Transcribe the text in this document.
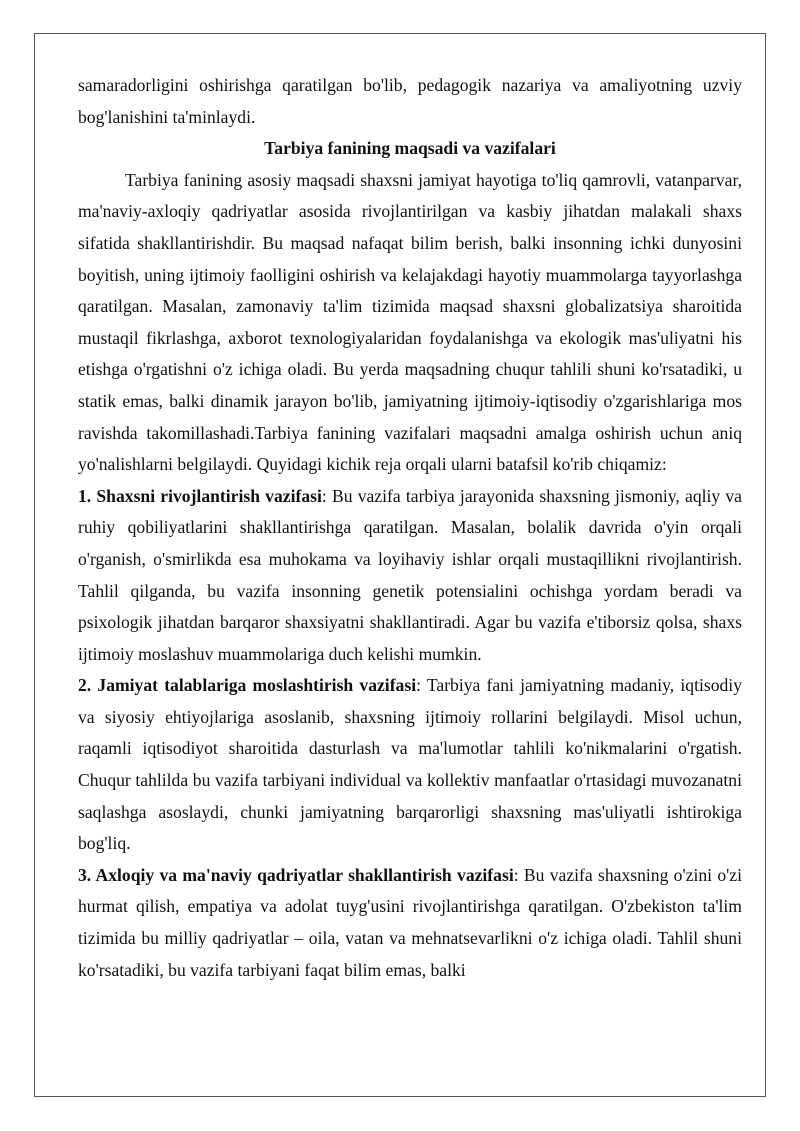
samaradorligini oshirishga qaratilgan bo'lib, pedagogik nazariya va amaliyotning uzviy bog'lanishini ta'minlaydi.

Tarbiya fanining maqsadi va vazifalari

Tarbiya fanining asosiy maqsadi shaxsni jamiyat hayotiga to'liq qamrovli, vatanparvar, ma'naviy-axloqiy qadriyatlar asosida rivojlantirilgan va kasbiy jihatdan malakali shaxs sifatida shakllantirishdir. Bu maqsad nafaqat bilim berish, balki insonning ichki dunyosini boyitish, uning ijtimoiy faolligini oshirish va kelajakdagi hayotiy muammolarga tayyorlashga qaratilgan. Masalan, zamonaviy ta'lim tizimida maqsad shaxsni globalizatsiya sharoitida mustaqil fikrlashga, axborot texnologiyalaridan foydalanishga va ekologik mas'uliyatni his etishga o'rgatishni o'z ichiga oladi. Bu yerda maqsadning chuqur tahlili shuni ko'rsatadiki, u statik emas, balki dinamik jarayon bo'lib, jamiyatning ijtimoiy-iqtisodiy o'zgarishlariga mos ravishda takomillashadi.Tarbiya fanining vazifalari maqsadni amalga oshirish uchun aniq yo'nalishlarni belgilaydi. Quyidagi kichik reja orqali ularni batafsil ko'rib chiqamiz:

1. Shaxsni rivojlantirish vazifasi: Bu vazifa tarbiya jarayonida shaxsning jismoniy, aqliy va ruhiy qobiliyatlarini shakllantirishga qaratilgan. Masalan, bolalik davrida o'yin orqali o'rganish, o'smirlikda esa muhokama va loyihaviy ishlar orqali mustaqillikni rivojlantirish. Tahlil qilganda, bu vazifa insonning genetik potensialini ochishga yordam beradi va psixologik jihatdan barqaror shaxsiyatni shakllantiradi. Agar bu vazifa e'tiborsiz qolsa, shaxs ijtimoiy moslashuv muammolariga duch kelishi mumkin.

2. Jamiyat talablariga moslashtirish vazifasi: Tarbiya fani jamiyatning madaniy, iqtisodiy va siyosiy ehtiyojlariga asoslanib, shaxsning ijtimoiy rollarini belgilaydi. Misol uchun, raqamli iqtisodiyot sharoitida dasturlash va ma'lumotlar tahlili ko'nikmalarini o'rgatish. Chuqur tahlilda bu vazifa tarbiyani individual va kollektiv manfaatlar o'rtasidagi muvozanatni saqlashga asoslaydi, chunki jamiyatning barqarorligi shaxsning mas'uliyatli ishtirokiga bog'liq.

3. Axloqiy va ma'naviy qadriyatlar shakllantirish vazifasi: Bu vazifa shaxsning o'zini o'zi hurmat qilish, empatiya va adolat tuyg'usini rivojlantirishga qaratilgan. O'zbekiston ta'lim tizimida bu milliy qadriyatlar – oila, vatan va mehnatsevarlikni o'z ichiga oladi. Tahlil shuni ko'rsatadiki, bu vazifa tarbiyani faqat bilim emas, balki
